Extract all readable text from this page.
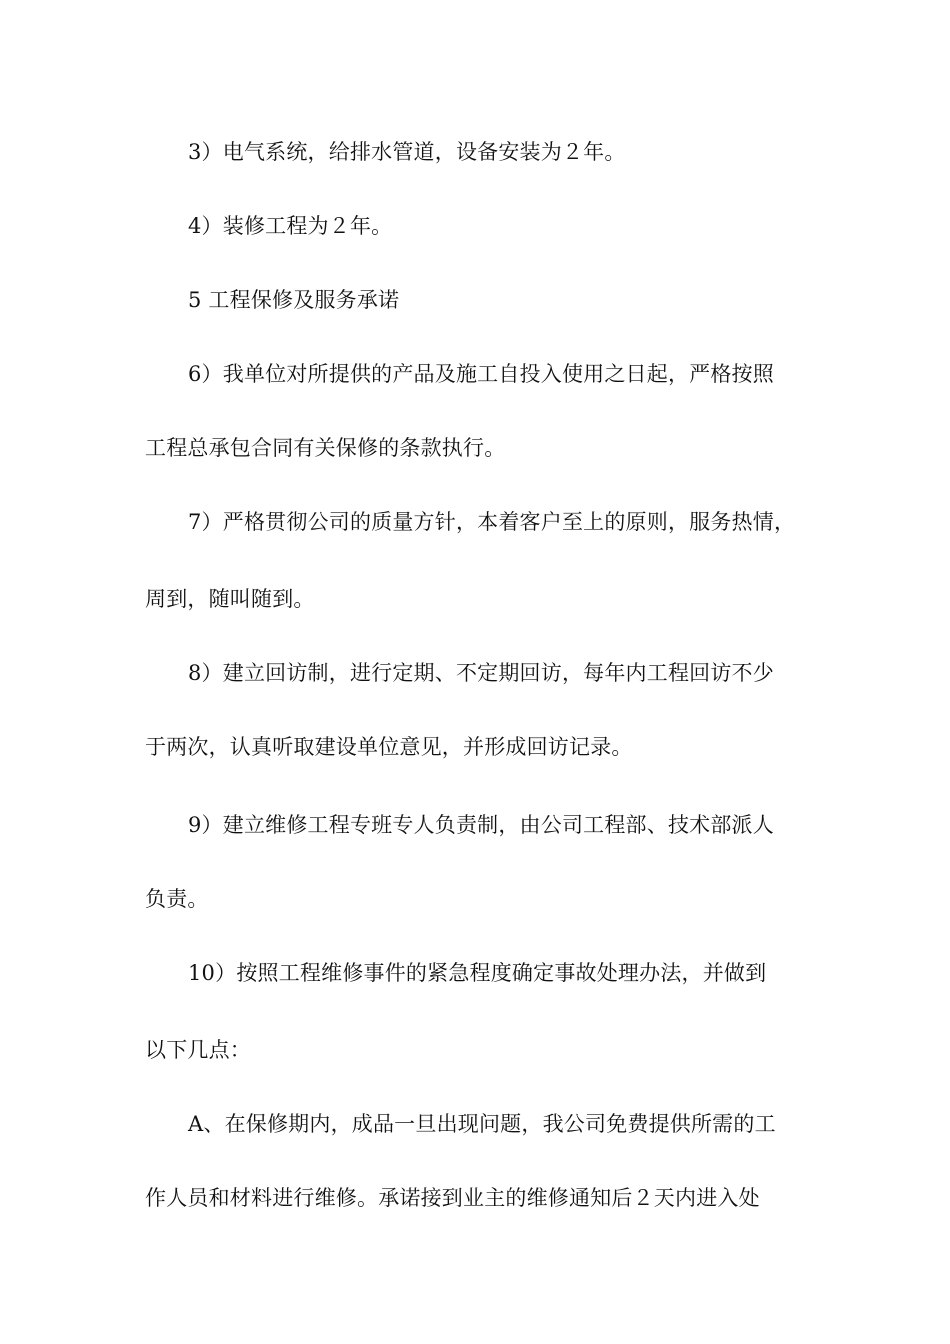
3）电气系统，给排水管道，设备安装为２年。
4）装修工程为２年。
5 工程保修及服务承诺
6）我单位对所提供的产品及施工自投入使用之日起，严格按照
工程总承包合同有关保修的条款执行。
7）严格贯彻公司的质量方针，本着客户至上的原则，服务热情，
周到，随叫随到。
8）建立回访制，进行定期、不定期回访，每年内工程回访不少
于两次，认真听取建设单位意见，并形成回访记录。
9）建立维修工程专班专人负责制，由公司工程部、技术部派人
负责。
10）按照工程维修事件的紧急程度确定事故处理办法，并做到
以下几点：
A、在保修期内，成品一旦出现问题，我公司免费提供所需的工
作人员和材料进行维修。承诺接到业主的维修通知后２天内进入处
